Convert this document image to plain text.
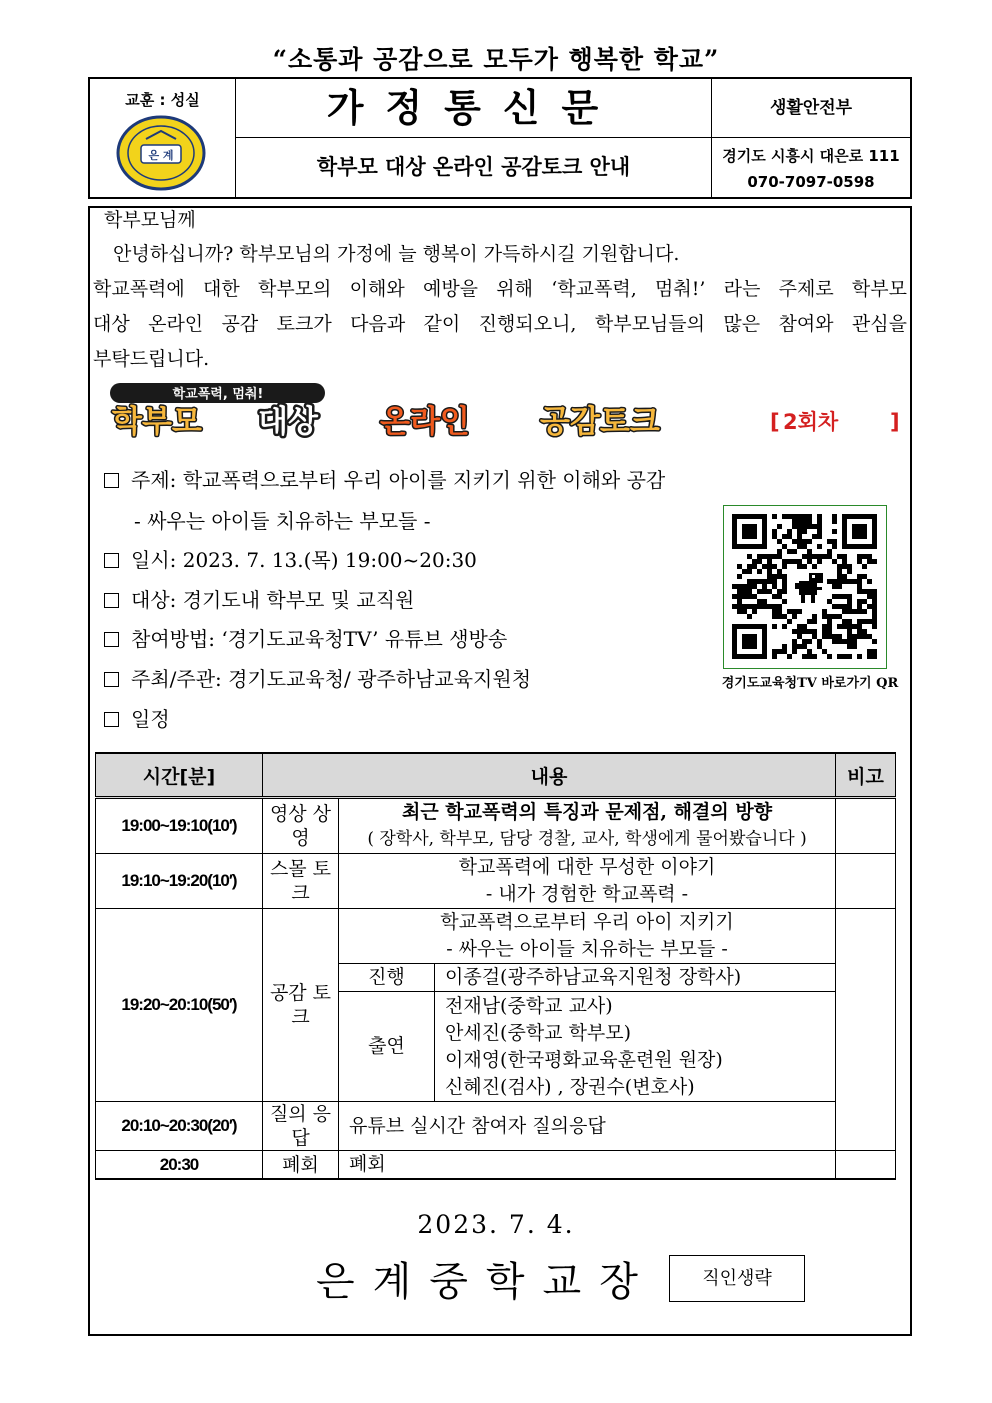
“소통과 공감으로 모두가 행복한 학교”
교훈 : 성실
은 계
가정통신문
학부모 대상 온라인 공감토크 안내
생활안전부
경기도 시흥시 대은로 111
070-7097-0598
학부모님께
안녕하십니까? 학부모님의 가정에 늘 행복이 가득하시길 기원합니다.
학교폭력에 대한 학부모의 이해와 예방을 위해 ‘학교폭력, 멈춰!’ 라는 주제로 학부모
대상 온라인 공감 토크가 다음과 같이 진행되오니, 학부모님들의 많은 참여와 관심을
부탁드립니다.
학교폭력, 멈춰!
학부모 대상 온라인 공감토크	[ 2회차 ]
주제: 학교폭력으로부터 우리 아이를 지키기 위한 이해와 공감
- 싸우는 아이들 치유하는 부모들 -
일시: 2023. 7. 13.(목) 19:00~20:30
대상: 경기도내 학부모 및 교직원
참여방법: ‘경기도교육청TV’ 유튜브 생방송
주최/주관: 경기도교육청/ 광주하남교육지원청
일정
경기도교육청TV 바로가기 QR
시간[분]	내용			비고
19:00~19:10(10′)	영상 상영	최근 학교폭력의 특징과 문제점, 해결의 방향
( 장학사, 학부모, 담당 경찰, 교사, 학생에게 물어봤습니다 )		

19:10~19:20(10′)	스몰 토크	학교폭력에 대한 무성한 이야기
- 내가 경험한 학교폭력 -		

19:20~20:10(50′)	공감 토크	학교폭력으로부터 우리 아이 지키기
- 싸우는 아이들 치유하는 부모들 -		

		진행	이종걸(광주하남교육지원청 장학사)	
		출연	전재남(중학교 교사)
안세진(중학교 학부모)
이재영(한국평화교육훈련원 원장)
신혜진(검사) , 장권수(변호사)	

20:10~20:30(20′)	질의 응답	유튜브 실시간 참여자 질의응답		
20:30	폐회	폐회		
2023. 7. 4.
은계중학교장	직인생략
